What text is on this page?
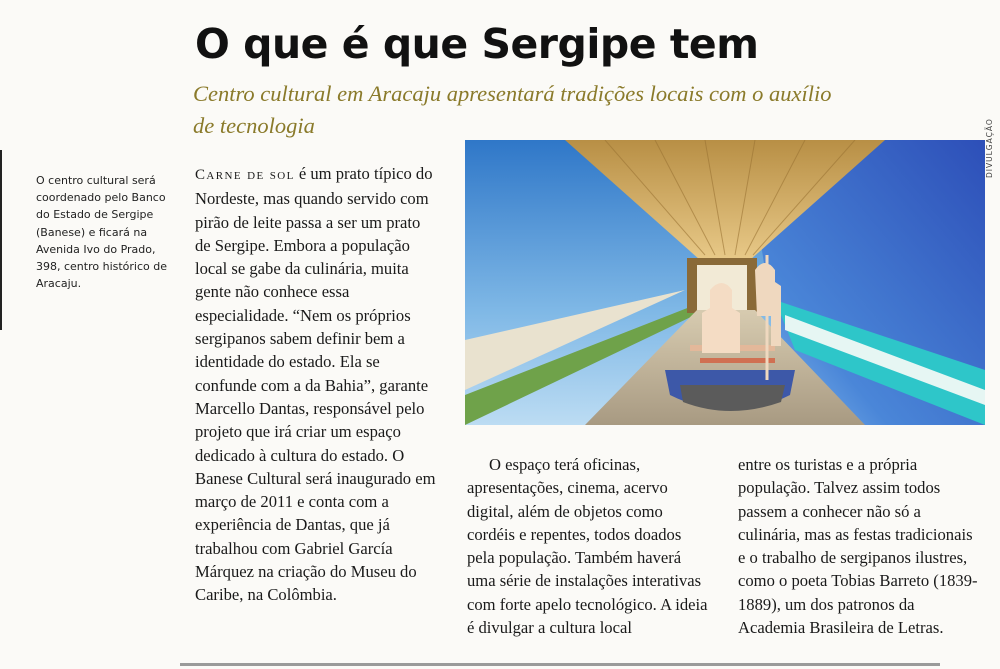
O que é que Sergipe tem
Centro cultural em Aracaju apresentará tradições locais com o auxílio de tecnologia
O centro cultural será coordenado pelo Banco do Estado de Sergipe (Banese) e ficará na Avenida Ivo do Prado, 398, centro histórico de Aracaju.

Carne de sol é um prato típico do Nordeste, mas quando servido com pirão de leite passa a ser um prato de Sergipe. Embora a população local se gabe da culinária, muita gente não conhece essa especialidade. “Nem os próprios sergipanos sabem definir bem a identidade do estado. Ela se confunde com a da Bahia”, garante Marcello Dantas, responsável pelo projeto que irá criar um espaço dedicado à cultura do estado. O Banese Cultural será inaugurado em março de 2011 e conta com a experiência de Dantas, que já trabalhou com Gabriel García Márquez na criação do Museu do Caribe, na Colômbia.

DIVULGAÇÃO

O espaço terá oficinas, apresentações, cinema, acervo digital, além de objetos como cordéis e repentes, todos doados pela população. Também haverá uma série de instalações interativas com forte apelo tecnológico. A ideia é divulgar a cultura local

entre os turistas e a própria população. Talvez assim todos passem a conhecer não só a culinária, mas as festas tradicionais e o trabalho de sergipanos ilustres, como o poeta Tobias Barreto (1839-1889), um dos patronos da Academia Brasileira de Letras.
